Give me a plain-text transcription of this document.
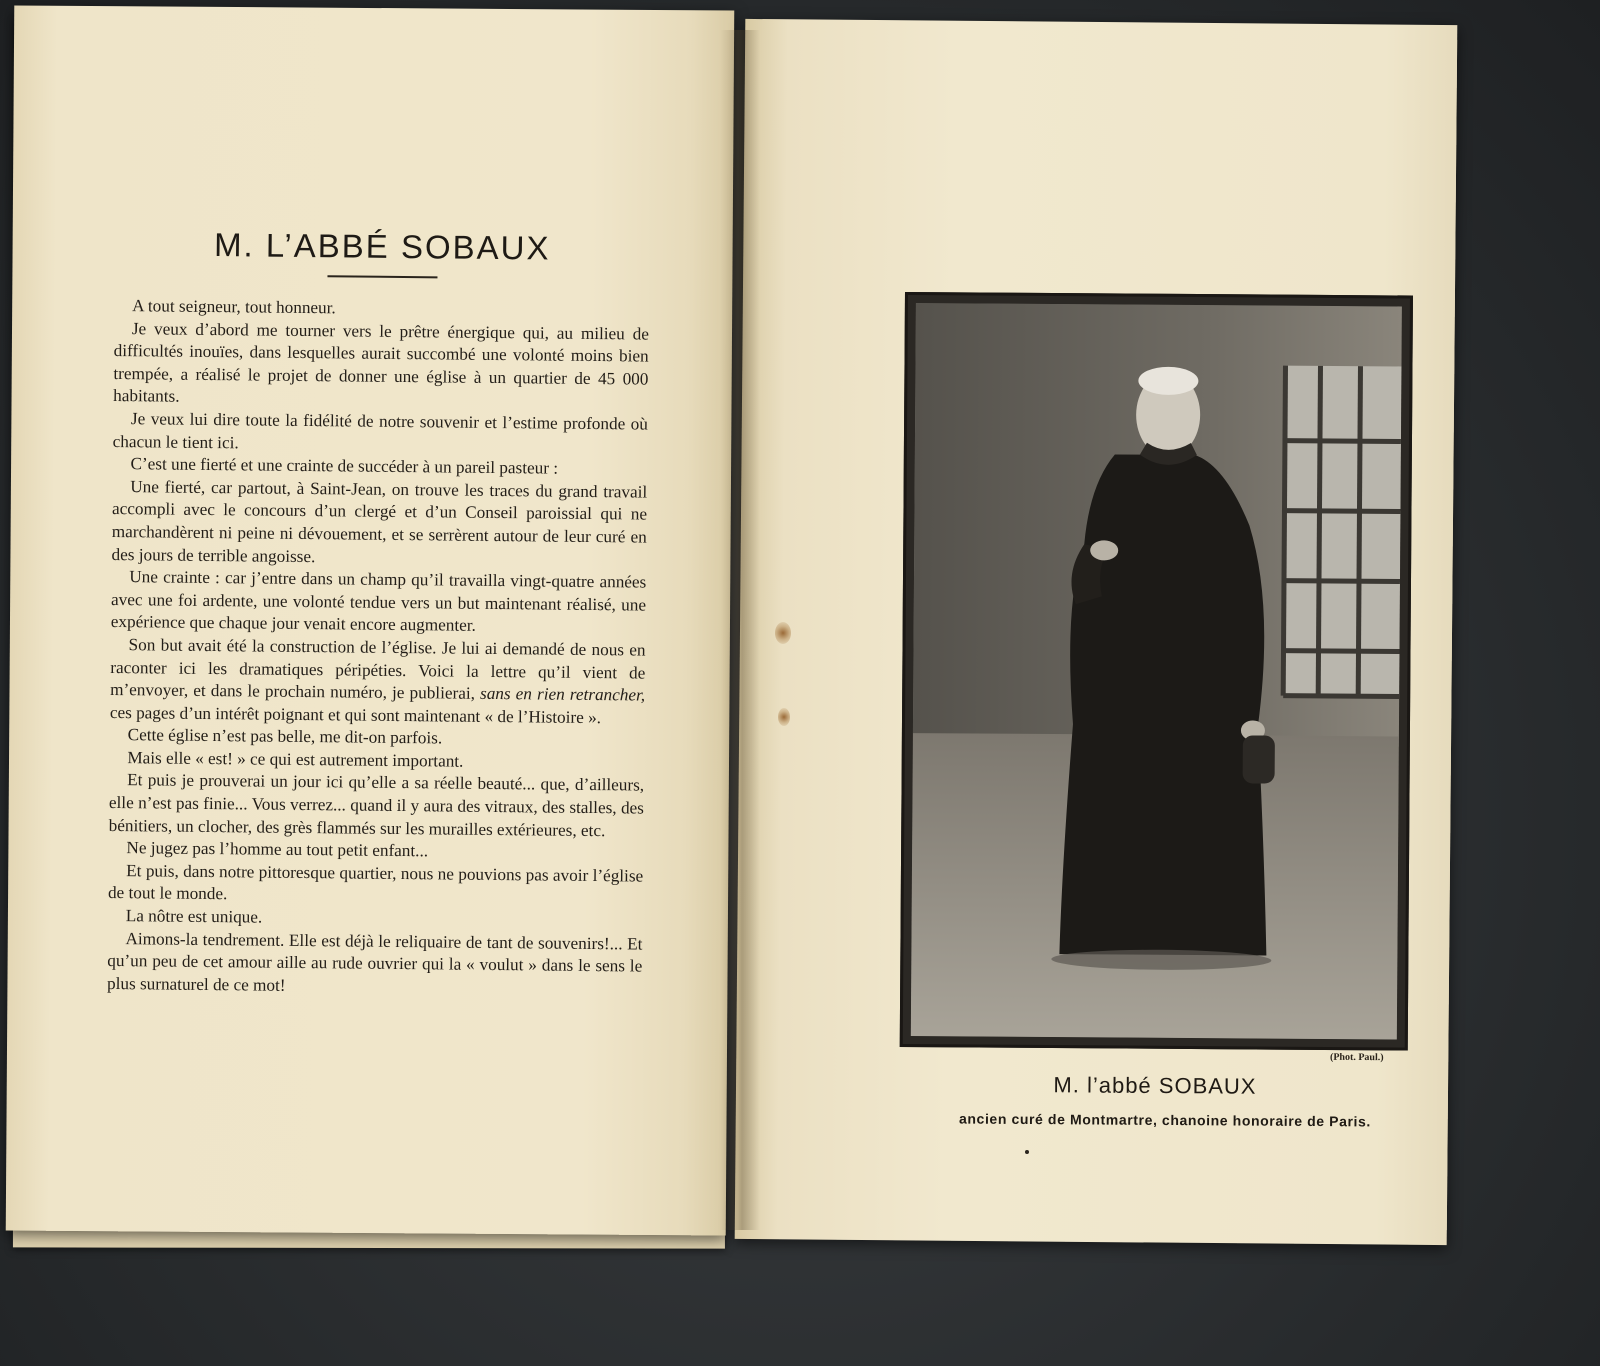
M. L’ABBÉ SOBAUX

A tout seigneur, tout honneur.

Je veux d’abord me tourner vers le prêtre énergique qui, au milieu de difficultés inouïes, dans lesquelles aurait succombé une volonté moins bien trempée, a réalisé le projet de donner une église à un quartier de 45 000 habitants.

Je veux lui dire toute la fidélité de notre souvenir et l’estime profonde où chacun le tient ici.

C’est une fierté et une crainte de succéder à un pareil pasteur :

Une fierté, car partout, à Saint-Jean, on trouve les traces du grand travail accompli avec le concours d’un clergé et d’un Conseil paroissial qui ne marchandèrent ni peine ni dévouement, et se serrèrent autour de leur curé en des jours de terrible angoisse.

Une crainte : car j’entre dans un champ qu’il travailla vingt-quatre années avec une foi ardente, une volonté tendue vers un but maintenant réalisé, une expérience que chaque jour venait encore augmenter.

Son but avait été la construction de l’église. Je lui ai demandé de nous en raconter ici les dramatiques péripéties. Voici la lettre qu’il vient de m’envoyer, et dans le prochain numéro, je publierai, sans en rien retrancher, ces pages d’un intérêt poignant et qui sont maintenant « de l’Histoire ».

Cette église n’est pas belle, me dit-on parfois.

Mais elle « est! » ce qui est autrement important.

Et puis je prouverai un jour ici qu’elle a sa réelle beauté... que, d’ailleurs, elle n’est pas finie... Vous verrez... quand il y aura des vitraux, des stalles, des bénitiers, un clocher, des grès flammés sur les murailles extérieures, etc.

Ne jugez pas l’homme au tout petit enfant...

Et puis, dans notre pittoresque quartier, nous ne pouvions pas avoir l’église de tout le monde.

La nôtre est unique.

Aimons-la tendrement. Elle est déjà le reliquaire de tant de souvenirs!... Et qu’un peu de cet amour aille au rude ouvrier qui la « voulut » dans le sens le plus surnaturel de ce mot!

(Phot. Paul.)
M. l’abbé SOBAUX
ancien curé de Montmartre, chanoine honoraire de Paris.
